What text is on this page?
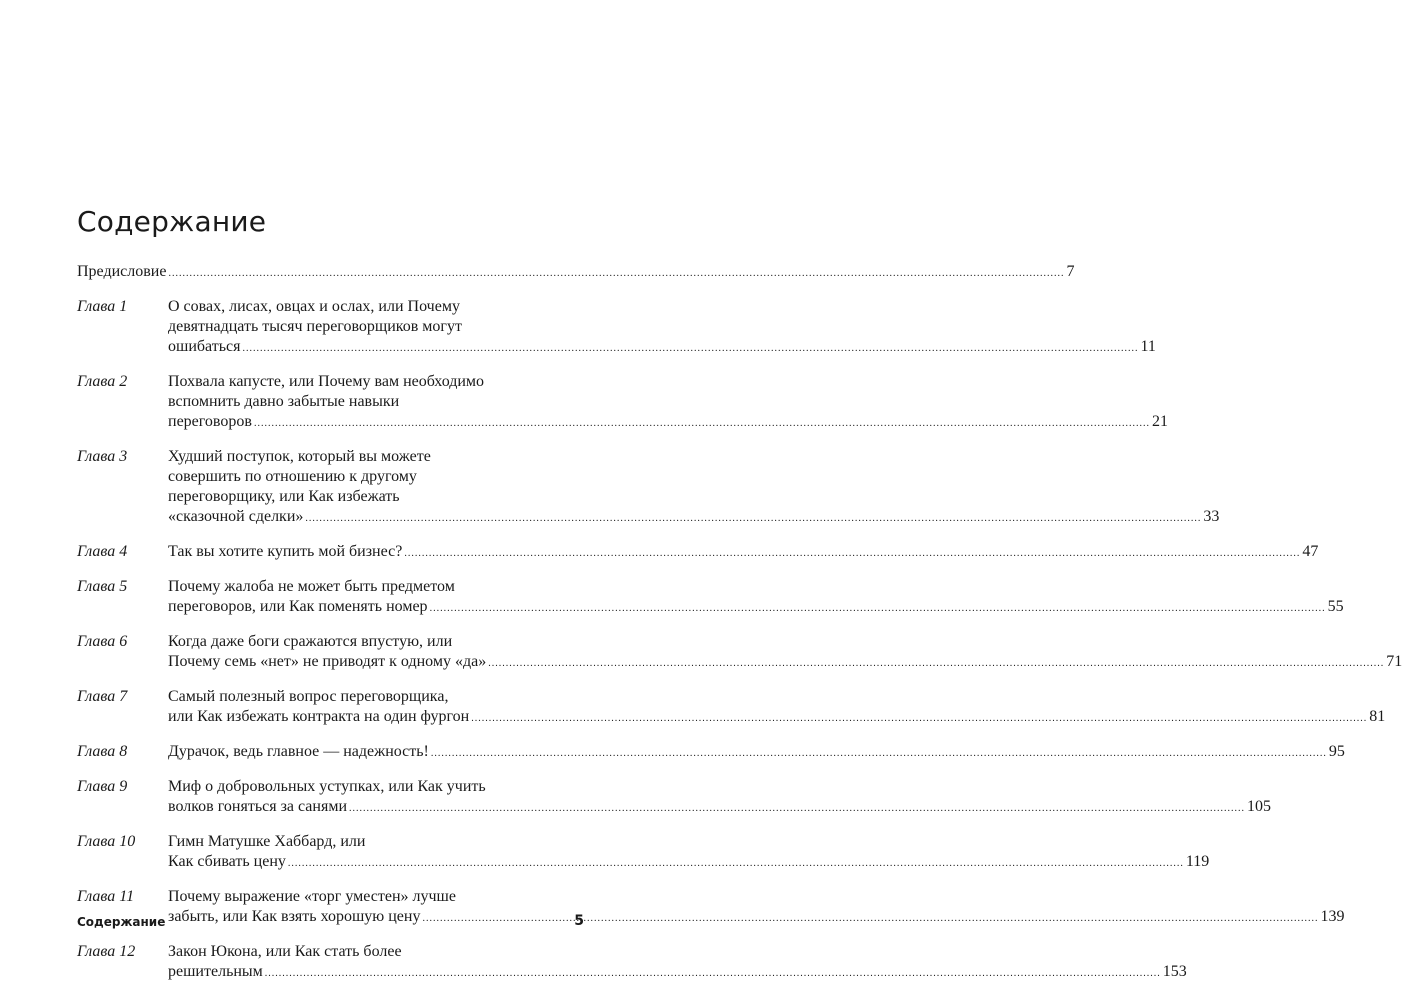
Содержание
Предисловие .....	7
Глава 1	О совах, лисах, овцах и ослах, или Почему
девятнадцать тысяч переговорщиков могут
ошибаться .....	11
Глава 2	Похвала капусте, или Почему вам необходимо
вспомнить давно забытые навыки
переговоров .....	21
Глава 3	Худший поступок, который вы можете
совершить по отношению к другому
переговорщику, или Как избежать
«сказочной сделки» .....	33
Глава 4	Так вы хотите купить мой бизнес? .....	47
Глава 5	Почему жалоба не может быть предметом
переговоров, или Как поменять номер .....	55
Глава 6	Когда даже боги сражаются впустую, или
Почему семь «нет» не приводят к одному «да» .....	71
Глава 7	Самый полезный вопрос переговорщика,
или Как избежать контракта на один фургон .....	81
Глава 8	Дурачок, ведь главное — надежность! .....	95
Глава 9	Миф о добровольных уступках, или Как учить
волков гоняться за санями .....	105
Глава 10	Гимн Матушке Хаббард, или
Как сбивать цену .....	119
Глава 11	Почему выражение «торг уместен» лучше
забыть, или Как взять хорошую цену .....	139
Глава 12	Закон Юкона, или Как стать более
решительным .....	153
Содержание	5
